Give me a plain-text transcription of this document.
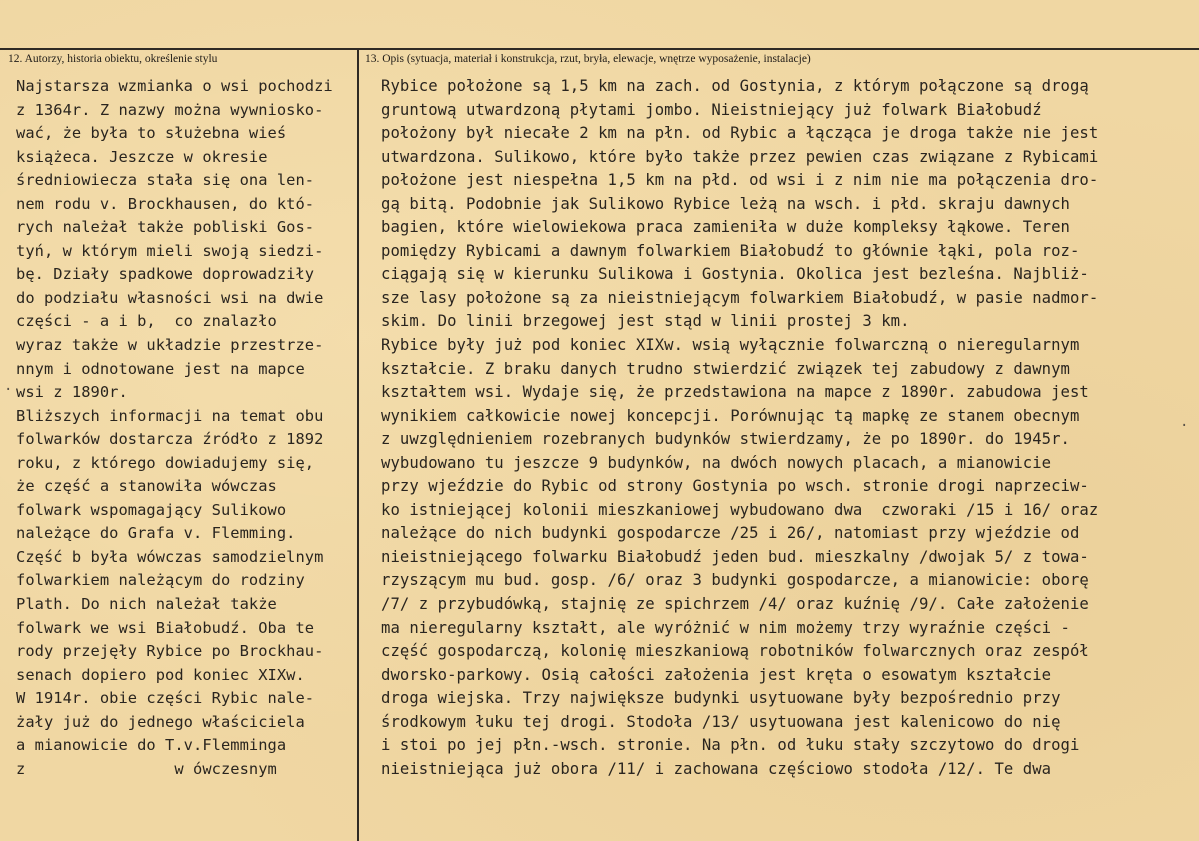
12. Autorzy, historia obiektu, określenie stylu	13. Opis (sytuacja, materiał i konstrukcja, rzut, bryła, elewacje, wnętrze wyposażenie, instalacje)
Najstarsza wzmianka o wsi pochodzi
z 1364r. Z nazwy można wywniosko-
wać, że była to służebna wieś
książeca. Jeszcze w okresie
średniowiecza stała się ona len-
nem rodu v. Brockhausen, do któ-
rych należał także pobliski Gos-
tyń, w którym mieli swoją siedzi-
bę. Działy spadkowe doprowadziły
do podziału własności wsi na dwie
części - a i b,  co znalazło
wyraz także w układzie przestrze-
nnym i odnotowane jest na mapce
wsi z 1890r.
Bliższych informacji na temat obu
folwarków dostarcza źródło z 1892
roku, z którego dowiadujemy się,
że część a stanowiła wówczas
folwark wspomagający Sulikowo
należące do Grafa v. Flemming.
Część b była wówczas samodzielnym
folwarkiem należącym do rodziny
Plath. Do nich należał także
folwark we wsi Białobudź. Oba te
rody przejęły Rybice po Brockhau-
senach dopiero pod koniec XIXw.
W 1914r. obie części Rybic nale-
żały już do jednego właściciela
a mianowicie do T.v.Flemminga
z                w ówczesnym
Rybice położone są 1,5 km na zach. od Gostynia, z którym połączone są drogą
gruntową utwardzoną płytami jombo. Nieistniejący już folwark Białobudź
położony był niecałe 2 km na płn. od Rybic a łącząca je droga także nie jest
utwardzona. Sulikowo, które było także przez pewien czas związane z Rybicami
położone jest niespełna 1,5 km na płd. od wsi i z nim nie ma połączenia dro-
gą bitą. Podobnie jak Sulikowo Rybice leżą na wsch. i płd. skraju dawnych
bagien, które wielowiekowa praca zamieniła w duże kompleksy łąkowe. Teren
pomiędzy Rybicami a dawnym folwarkiem Białobudź to głównie łąki, pola roz-
ciągają się w kierunku Sulikowa i Gostynia. Okolica jest bezleśna. Najbliż-
sze lasy położone są za nieistniejącym folwarkiem Białobudź, w pasie nadmor-
skim. Do linii brzegowej jest stąd w linii prostej 3 km.
Rybice były już pod koniec XIXw. wsią wyłącznie folwarczną o nieregularnym
kształcie. Z braku danych trudno stwierdzić związek tej zabudowy z dawnym
kształtem wsi. Wydaje się, że przedstawiona na mapce z 1890r. zabudowa jest
wynikiem całkowicie nowej koncepcji. Porównując tą mapkę ze stanem obecnym
z uwzględnieniem rozebranych budynków stwierdzamy, że po 1890r. do 1945r.
wybudowano tu jeszcze 9 budynków, na dwóch nowych placach, a mianowicie
przy wjeździe do Rybic od strony Gostynia po wsch. stronie drogi naprzeciw-
ko istniejącej kolonii mieszkaniowej wybudowano dwa  czworaki /15 i 16/ oraz
należące do nich budynki gospodarcze /25 i 26/, natomiast przy wjeździe od
nieistniejącego folwarku Białobudź jeden bud. mieszkalny /dwojak 5/ z towa-
rzyszącym mu bud. gosp. /6/ oraz 3 budynki gospodarcze, a mianowicie: oborę
/7/ z przybudówką, stajnię ze spichrzem /4/ oraz kuźnię /9/. Całe założenie
ma nieregularny kształt, ale wyróżnić w nim możemy trzy wyraźnie części -
część gospodarczą, kolonię mieszkaniową robotników folwarcznych oraz zespół
dworsko-parkowy. Osią całości założenia jest kręta o esowatym kształcie
droga wiejska. Trzy największe budynki usytuowane były bezpośrednio przy
środkowym łuku tej drogi. Stodoła /13/ usytuowana jest kalenicowo do nię
i stoi po jej płn.-wsch. stronie. Na płn. od łuku stały szczytowo do drogi
nieistniejąca już obora /11/ i zachowana częściowo stodoła /12/. Te dwa
·
·
